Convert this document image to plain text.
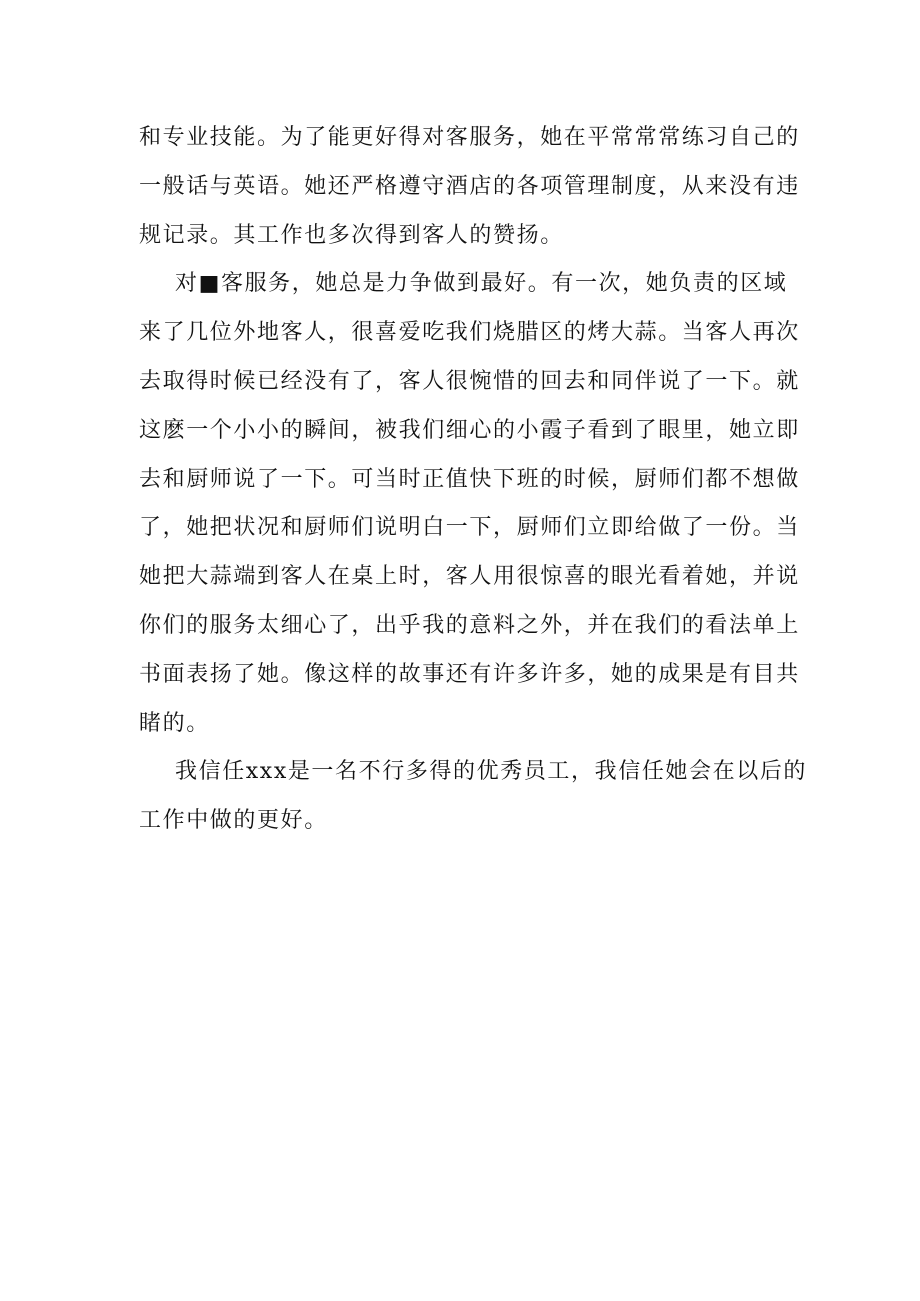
和专业技能。为了能更好得对客服务，她在平常常常练习自己的
一般话与英语。她还严格遵守酒店的各项管理制度，从来没有违
规记录。其工作也多次得到客人的赞扬。

对■客服务，她总是力争做到最好。有一次，她负责的区域
来了几位外地客人，很喜爱吃我们烧腊区的烤大蒜。当客人再次
去取得时候已经没有了，客人很惋惜的回去和同伴说了一下。就
这麽一个小小的瞬间，被我们细心的小霞子看到了眼里，她立即
去和厨师说了一下。可当时正值快下班的时候，厨师们都不想做
了，她把状况和厨师们说明白一下，厨师们立即给做了一份。当
她把大蒜端到客人在桌上时，客人用很惊喜的眼光看着她，并说
你们的服务太细心了，出乎我的意料之外，并在我们的看法单上
书面表扬了她。像这样的故事还有许多许多，她的成果是有目共
睹的。

我信任xxx是一名不行多得的优秀员工，我信任她会在以后的
工作中做的更好。
